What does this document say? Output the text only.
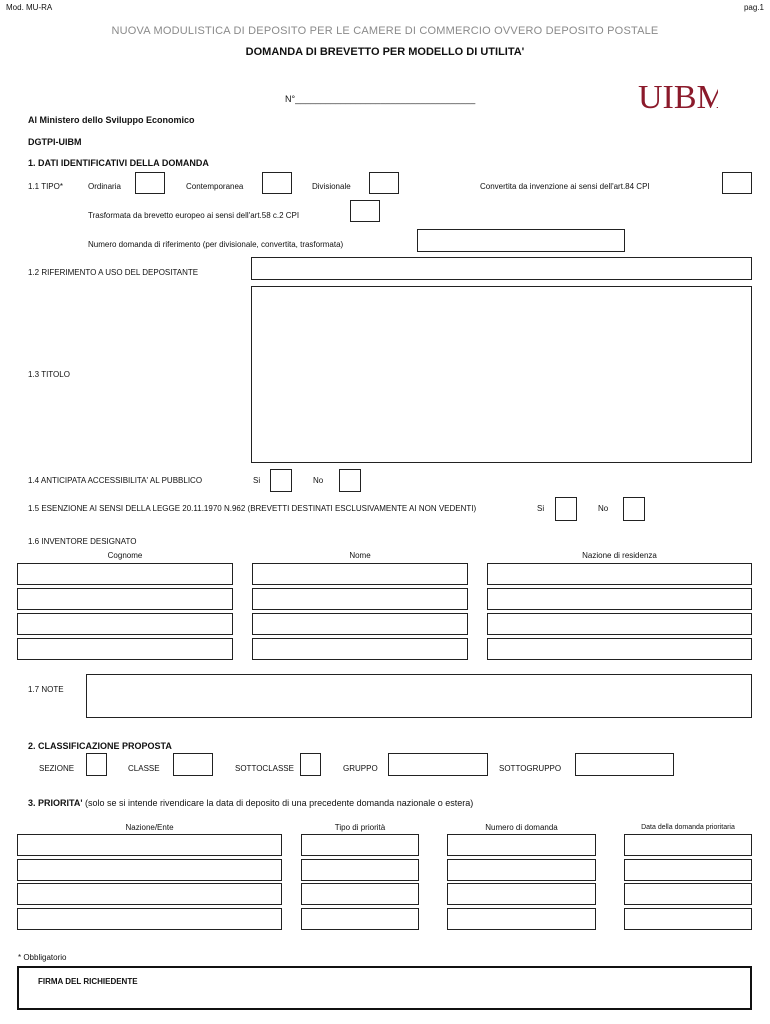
Mod. MU-RA	pag.1
NUOVA MODULISTICA DI DEPOSITO PER LE CAMERE DI COMMERCIO OVVERO DEPOSITO POSTALE
DOMANDA DI BREVETTO PER MODELLO DI UTILITA'
N°____________________________________	UIBM
Al Ministero dello Sviluppo Economico
DGTPI-UIBM
1. DATI IDENTIFICATIVI DELLA DOMANDA
1.1 TIPO*	Ordinaria	Contemporanea	Divisionale	Convertita da invenzione ai sensi dell'art.84 CPI
Trasformata da brevetto europeo ai sensi dell'art.58 c.2 CPI
Numero domanda di riferimento (per divisionale, convertita, trasformata)
1.2 RIFERIMENTO A USO DEL DEPOSITANTE
1.3 TITOLO
1.4 ANTICIPATA ACCESSIBILITA' AL PUBBLICO	Si	No
1.5 ESENZIONE AI SENSI DELLA LEGGE 20.11.1970 N.962 (BREVETTI DESTINATI ESCLUSIVAMENTE AI NON VEDENTI)	Si	No
1.6 INVENTORE DESIGNATO
Cognome	Nome	Nazione di residenza
1.7 NOTE
2. CLASSIFICAZIONE PROPOSTA
SEZIONE	CLASSE	SOTTOCLASSE	GRUPPO	SOTTOGRUPPO
3. PRIORITA' (solo se si intende rivendicare la data di deposito di una precedente domanda nazionale o estera)
Nazione/Ente	Tipo di priorità	Numero di domanda	Data della domanda prioritaria
* Obbligatorio
FIRMA DEL RICHIEDENTE
